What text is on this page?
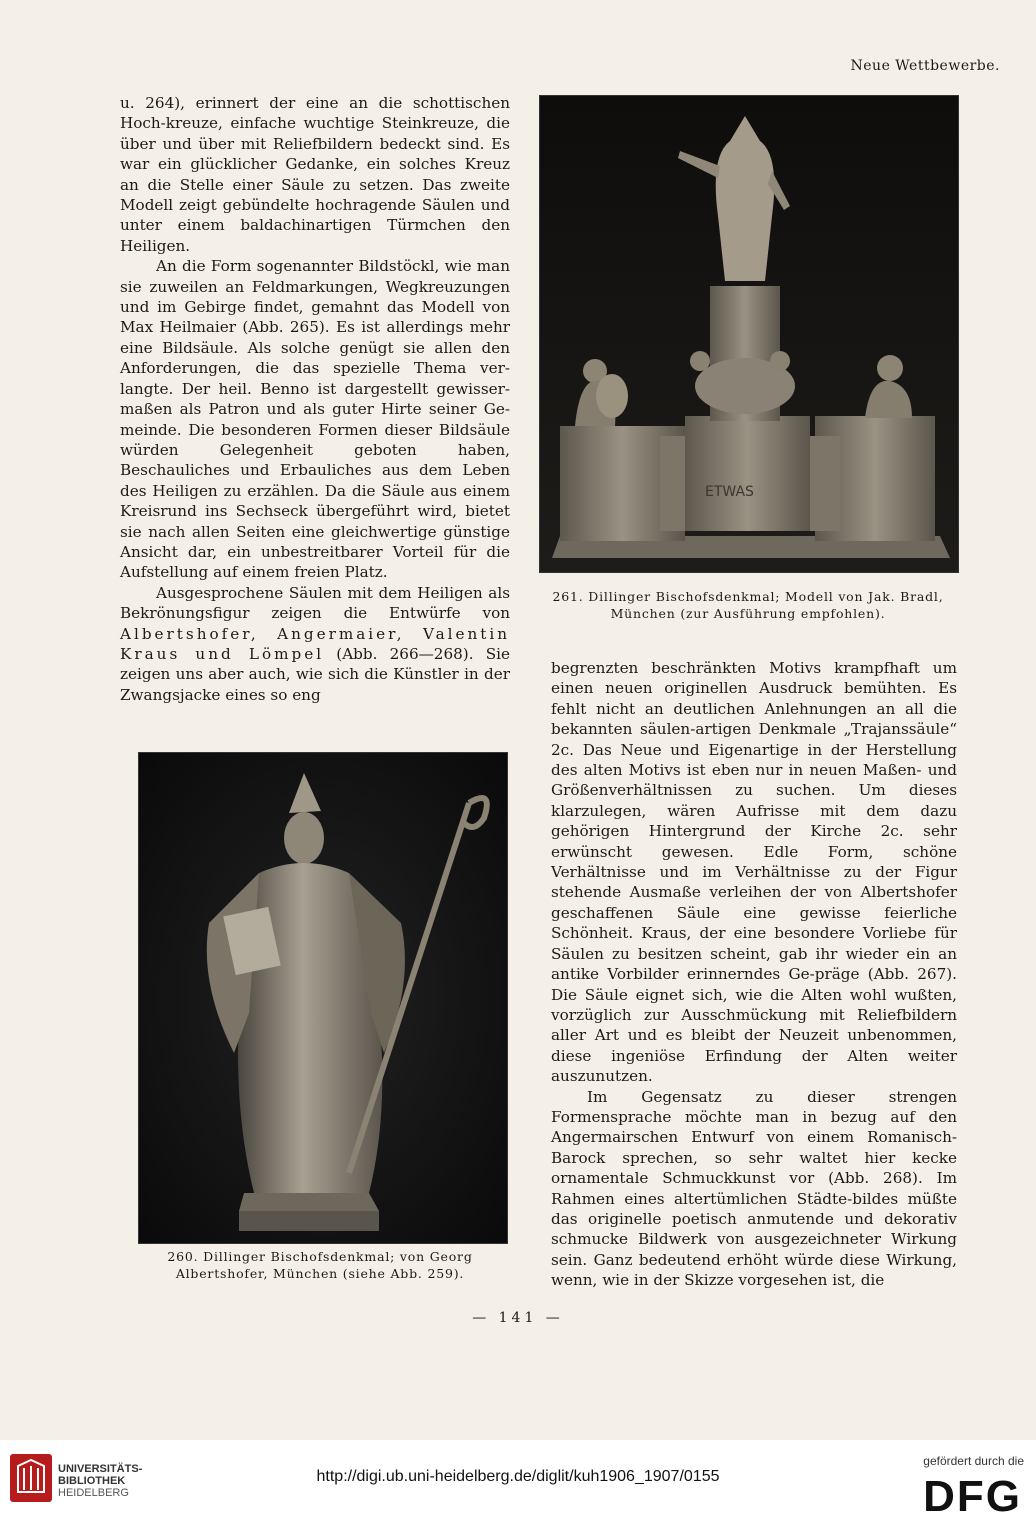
Neue Wettbewerbe.

u. 264), erinnert der eine an die schottischen Hoch-kreuze, einfache wuchtige Steinkreuze, die über und über mit Reliefbildern bedeckt sind. Es war ein glücklicher Gedanke, ein solches Kreuz an die Stelle einer Säule zu setzen. Das zweite Modell zeigt gebündelte hochragende Säulen und unter einem baldachinartigen Türmchen den Heiligen.

An die Form sogenannter Bildstöckl, wie man sie zuweilen an Feldmarkungen, Wegkreuzungen und im Gebirge findet, gemahnt das Modell von Max Heilmaier (Abb. 265). Es ist allerdings mehr eine Bildsäule. Als solche genügt sie allen den Anforderungen, die das spezielle Thema ver-langte. Der heil. Benno ist dargestellt gewisser-maßen als Patron und als guter Hirte seiner Ge-meinde. Die besonderen Formen dieser Bildsäule würden Gelegenheit geboten haben, Beschauliches und Erbauliches aus dem Leben des Heiligen zu erzählen. Da die Säule aus einem Kreisrund ins Sechseck übergeführt wird, bietet sie nach allen Seiten eine gleichwertige günstige Ansicht dar, ein unbestreitbarer Vorteil für die Aufstellung auf einem freien Platz.

Ausgesprochene Säulen mit dem Heiligen als Bekrönungsfigur zeigen die Entwürfe von Albertshofer, Angermaier, Valentin Kraus und Lömpel (Abb. 266—268). Sie zeigen uns aber auch, wie sich die Künstler in der Zwangsjacke eines so eng

ETWAS
261. Dillinger Bischofsdenkmal; Modell von Jak. Bradl, München (zur Ausführung empfohlen).
260. Dillinger Bischofsdenkmal; von Georg Albertshofer, München (siehe Abb. 259).

begrenzten beschränkten Motivs krampfhaft um einen neuen originellen Ausdruck bemühten. Es fehlt nicht an deutlichen Anlehnungen an all die bekannten säulen-artigen Denkmale „Trajanssäule“ 2c. Das Neue und Eigenartige in der Herstellung des alten Motivs ist eben nur in neuen Maßen- und Größenverhältnissen zu suchen. Um dieses klarzulegen, wären Aufrisse mit dem dazu gehörigen Hintergrund der Kirche 2c. sehr erwünscht gewesen. Edle Form, schöne Verhältnisse und im Verhältnisse zu der Figur stehende Ausmaße verleihen der von Albertshofer geschaffenen Säule eine gewisse feierliche Schönheit. Kraus, der eine besondere Vorliebe für Säulen zu besitzen scheint, gab ihr wieder ein an antike Vorbilder erinnerndes Ge-präge (Abb. 267). Die Säule eignet sich, wie die Alten wohl wußten, vorzüglich zur Ausschmückung mit Reliefbildern aller Art und es bleibt der Neuzeit unbenommen, diese ingeniöse Erfindung der Alten weiter auszunutzen.

Im Gegensatz zu dieser strengen Formensprache möchte man in bezug auf den Angermairschen Entwurf von einem Romanisch-Barock sprechen, so sehr waltet hier kecke ornamentale Schmuckkunst vor (Abb. 268). Im Rahmen eines altertümlichen Städte-bildes müßte das originelle poetisch anmutende und dekorativ schmucke Bildwerk von ausgezeichneter Wirkung sein. Ganz bedeutend erhöht würde diese Wirkung, wenn, wie in der Skizze vorgesehen ist, die

— 141 —
UNIVERSITÄTS-
BIBLIOTHEK
HEIDELBERG
http://digi.ub.uni-heidelberg.de/diglit/kuh1906_1907/0155
gefördert durch die
DFG
